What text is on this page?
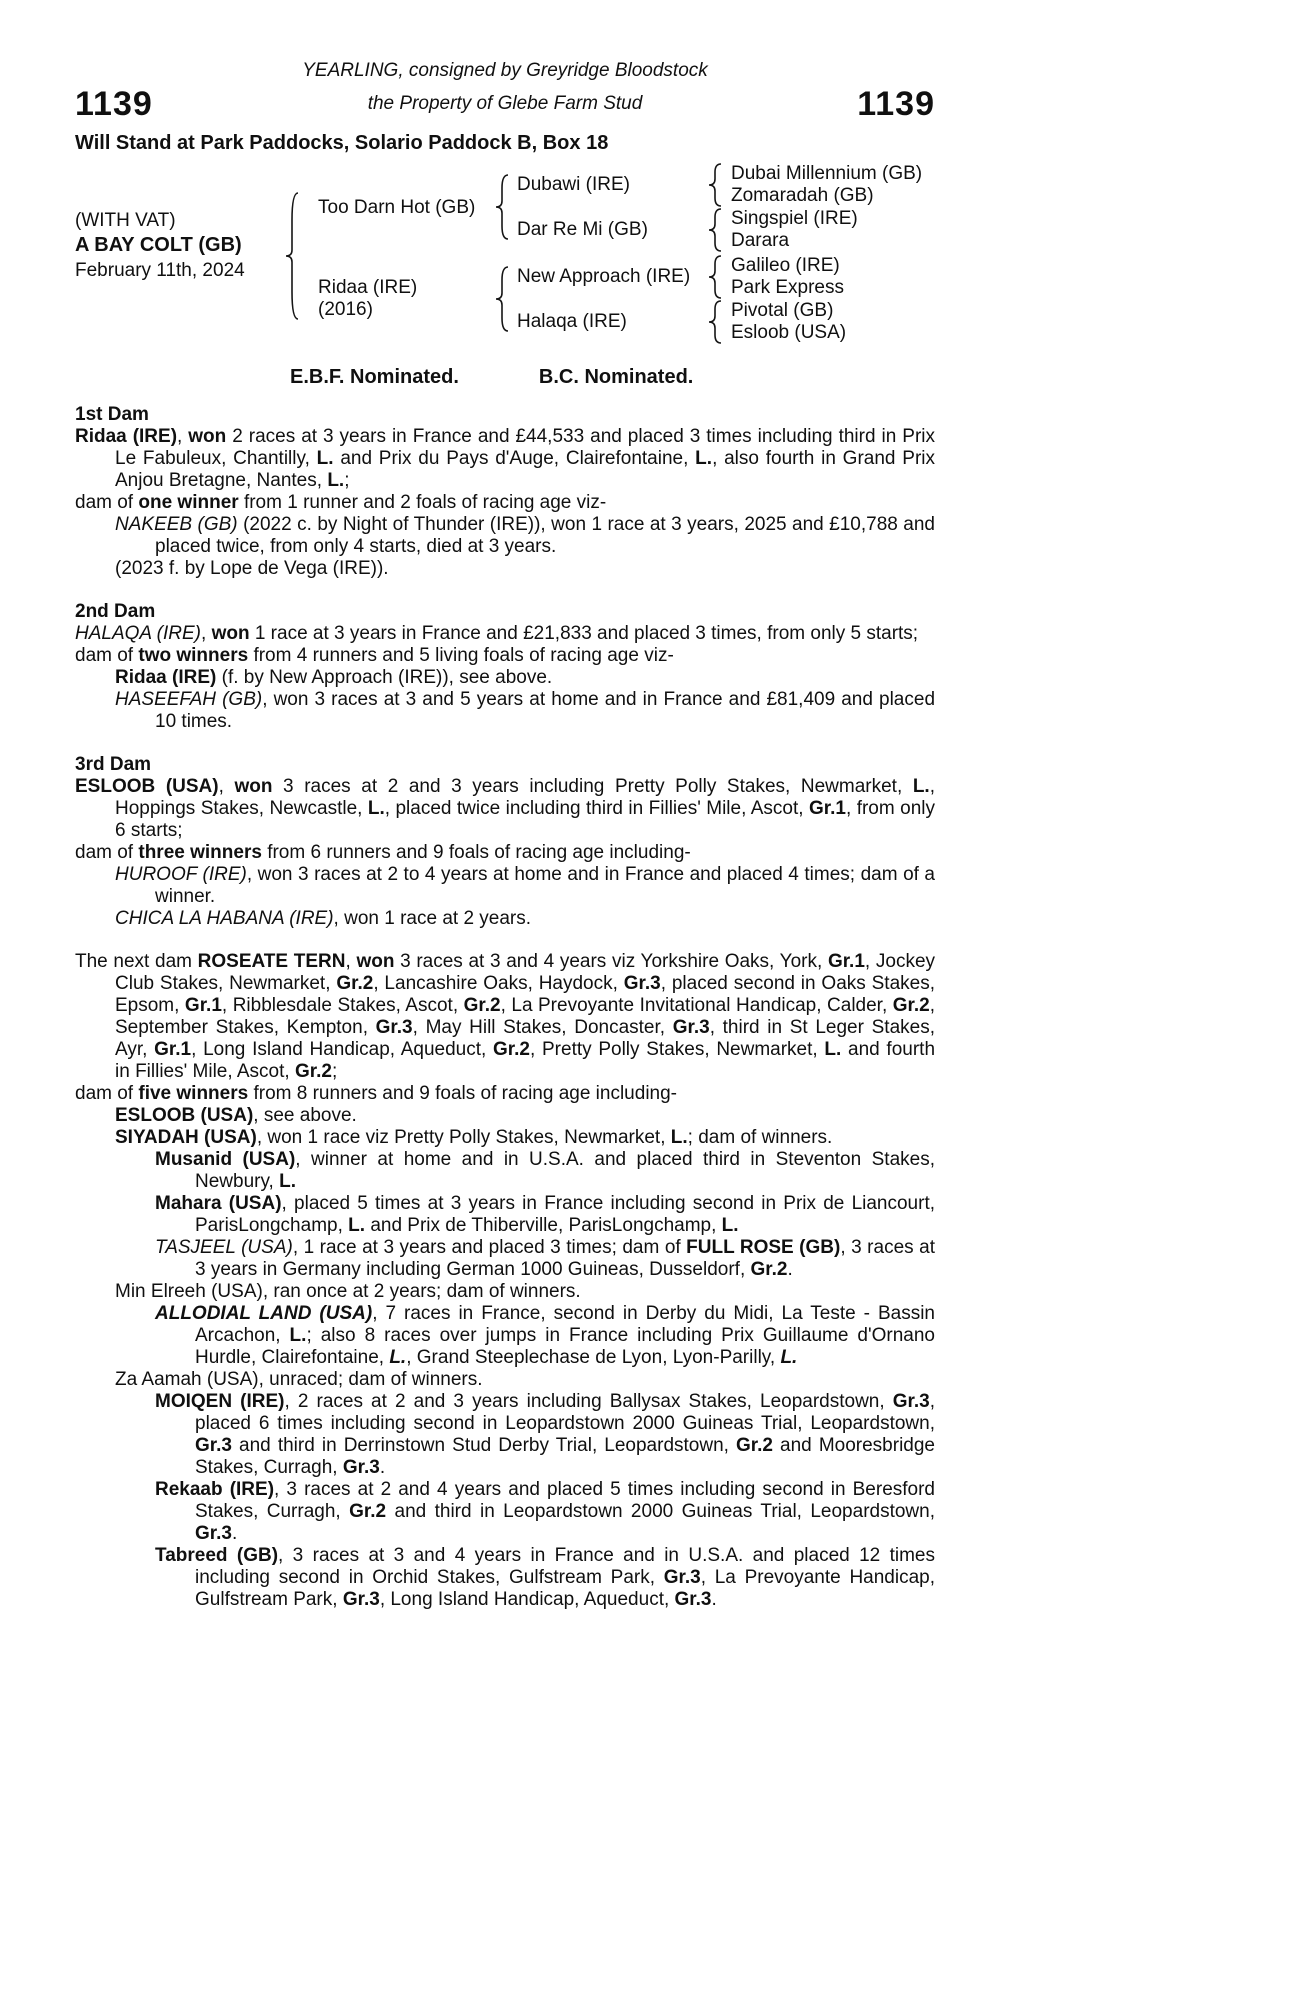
YEARLING, consigned by Greyridge Bloodstock
1139	the Property of Glebe Farm Stud	1139
Will Stand at Park Paddocks, Solario Paddock B, Box 18
(WITH VAT)
A BAY COLT (GB)
February 11th, 2024
Too Darn Hot (GB)
Ridaa (IRE)
(2016)
Dubawi (IRE)
Dar Re Mi (GB)
New Approach (IRE)
Halaqa (IRE)
Dubai Millennium (GB)
Zomaradah (GB)
Singspiel (IRE)
Darara
Galileo (IRE)
Park Express
Pivotal (GB)
Esloob (USA)
E.B.F. Nominated.	B.C. Nominated.
1st Dam

Ridaa (IRE), won 2 races at 3 years in France and £44,533 and placed 3 times including third in Prix Le Fabuleux, Chantilly, L. and Prix du Pays d'Auge, Clairefontaine, L., also fourth in Grand Prix Anjou Bretagne, Nantes, L.;

dam of one winner from 1 runner and 2 foals of racing age viz-

NAKEEB (GB) (2022 c. by Night of Thunder (IRE)), won 1 race at 3 years, 2025 and £10,788 and placed twice, from only 4 starts, died at 3 years.

(2023 f. by Lope de Vega (IRE)).

2nd Dam

HALAQA (IRE), won 1 race at 3 years in France and £21,833 and placed 3 times, from only 5 starts;

dam of two winners from 4 runners and 5 living foals of racing age viz-

Ridaa (IRE) (f. by New Approach (IRE)), see above.

HASEEFAH (GB), won 3 races at 3 and 5 years at home and in France and £81,409 and placed 10 times.

3rd Dam

ESLOOB (USA), won 3 races at 2 and 3 years including Pretty Polly Stakes, Newmarket, L., Hoppings Stakes, Newcastle, L., placed twice including third in Fillies' Mile, Ascot, Gr.1, from only 6 starts;

dam of three winners from 6 runners and 9 foals of racing age including-

HUROOF (IRE), won 3 races at 2 to 4 years at home and in France and placed 4 times; dam of a winner.

CHICA LA HABANA (IRE), won 1 race at 2 years.

The next dam ROSEATE TERN, won 3 races at 3 and 4 years viz Yorkshire Oaks, York, Gr.1, Jockey Club Stakes, Newmarket, Gr.2, Lancashire Oaks, Haydock, Gr.3, placed second in Oaks Stakes, Epsom, Gr.1, Ribblesdale Stakes, Ascot, Gr.2, La Prevoyante Invitational Handicap, Calder, Gr.2, September Stakes, Kempton, Gr.3, May Hill Stakes, Doncaster, Gr.3, third in St Leger Stakes, Ayr, Gr.1, Long Island Handicap, Aqueduct, Gr.2, Pretty Polly Stakes, Newmarket, L. and fourth in Fillies' Mile, Ascot, Gr.2;

dam of five winners from 8 runners and 9 foals of racing age including-

ESLOOB (USA), see above.

SIYADAH (USA), won 1 race viz Pretty Polly Stakes, Newmarket, L.; dam of winners.

Musanid (USA), winner at home and in U.S.A. and placed third in Steventon Stakes, Newbury, L.

Mahara (USA), placed 5 times at 3 years in France including second in Prix de Liancourt, ParisLongchamp, L. and Prix de Thiberville, ParisLongchamp, L.

TASJEEL (USA), 1 race at 3 years and placed 3 times; dam of FULL ROSE (GB), 3 races at 3 years in Germany including German 1000 Guineas, Dusseldorf, Gr.2.

Min Elreeh (USA), ran once at 2 years; dam of winners.

ALLODIAL LAND (USA), 7 races in France, second in Derby du Midi, La Teste - Bassin Arcachon, L.; also 8 races over jumps in France including Prix Guillaume d'Ornano Hurdle, Clairefontaine, L., Grand Steeplechase de Lyon, Lyon-Parilly, L.

Za Aamah (USA), unraced; dam of winners.

MOIQEN (IRE), 2 races at 2 and 3 years including Ballysax Stakes, Leopardstown, Gr.3, placed 6 times including second in Leopardstown 2000 Guineas Trial, Leopardstown, Gr.3 and third in Derrinstown Stud Derby Trial, Leopardstown, Gr.2 and Mooresbridge Stakes, Curragh, Gr.3.

Rekaab (IRE), 3 races at 2 and 4 years and placed 5 times including second in Beresford Stakes, Curragh, Gr.2 and third in Leopardstown 2000 Guineas Trial, Leopardstown, Gr.3.

Tabreed (GB), 3 races at 3 and 4 years in France and in U.S.A. and placed 12 times including second in Orchid Stakes, Gulfstream Park, Gr.3, La Prevoyante Handicap, Gulfstream Park, Gr.3, Long Island Handicap, Aqueduct, Gr.3.
